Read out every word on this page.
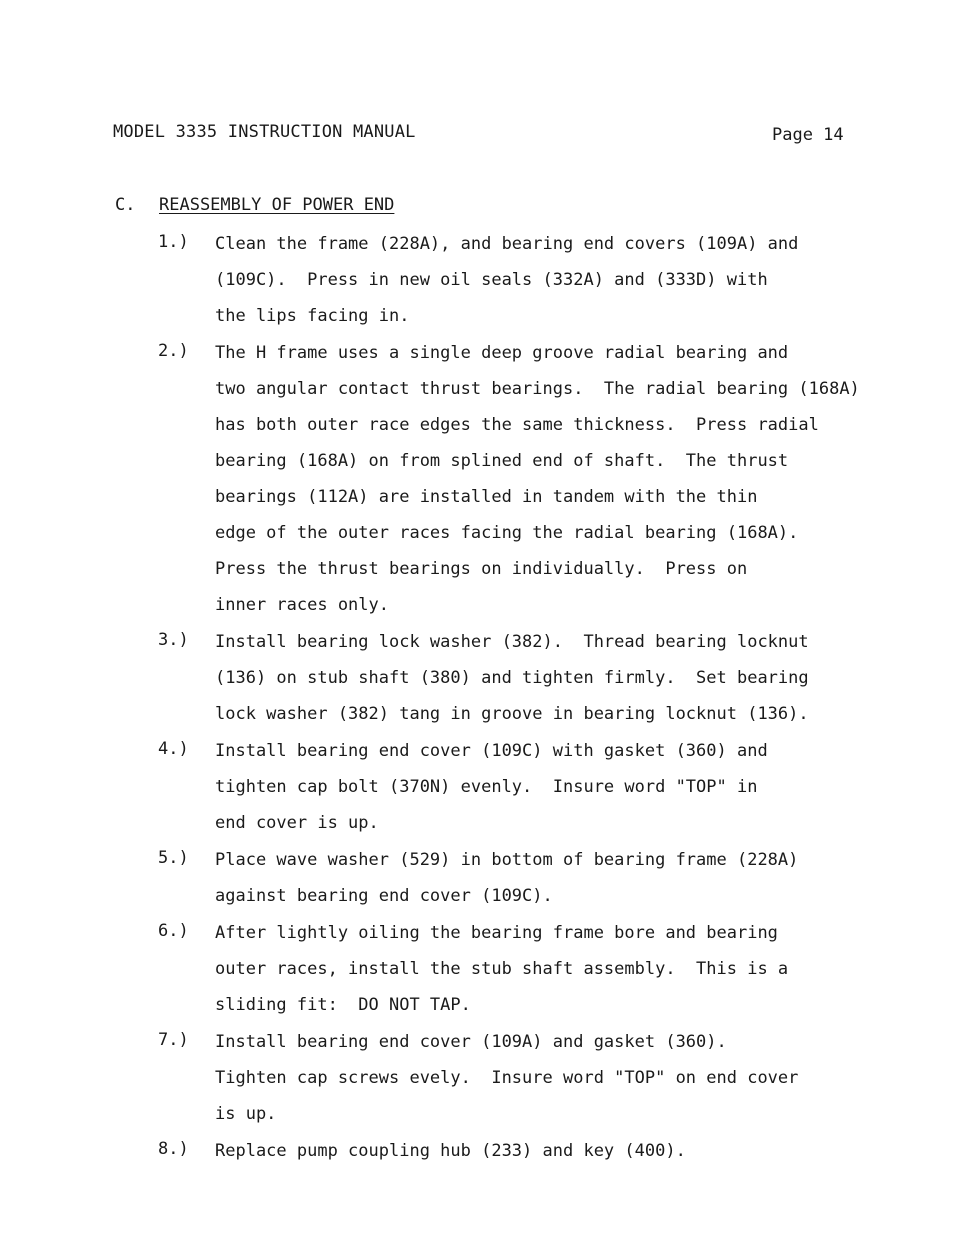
MODEL 3335 INSTRUCTION MANUAL	Page 14
C. REASSEMBLY OF POWER END
1.) Clean the frame (228A), and bearing end covers (109A) and
(109C).  Press in new oil seals (332A) and (333D) with
the lips facing in.
2.) The H frame uses a single deep groove radial bearing and
two angular contact thrust bearings.  The radial bearing (168A)
has both outer race edges the same thickness.  Press radial
bearing (168A) on from splined end of shaft.  The thrust
bearings (112A) are installed in tandem with the thin
edge of the outer races facing the radial bearing (168A).
Press the thrust bearings on individually.  Press on
inner races only.
3.) Install bearing lock washer (382).  Thread bearing locknut
(136) on stub shaft (380) and tighten firmly.  Set bearing
lock washer (382) tang in groove in bearing locknut (136).
4.) Install bearing end cover (109C) with gasket (360) and
tighten cap bolt (370N) evenly.  Insure word "TOP" in
end cover is up.
5.) Place wave washer (529) in bottom of bearing frame (228A)
against bearing end cover (109C).
6.) After lightly oiling the bearing frame bore and bearing
outer races, install the stub shaft assembly.  This is a
sliding fit:  DO NOT TAP.
7.) Install bearing end cover (109A) and gasket (360).
Tighten cap screws evely.  Insure word "TOP" on end cover
is up.
8.) Replace pump coupling hub (233) and key (400).
